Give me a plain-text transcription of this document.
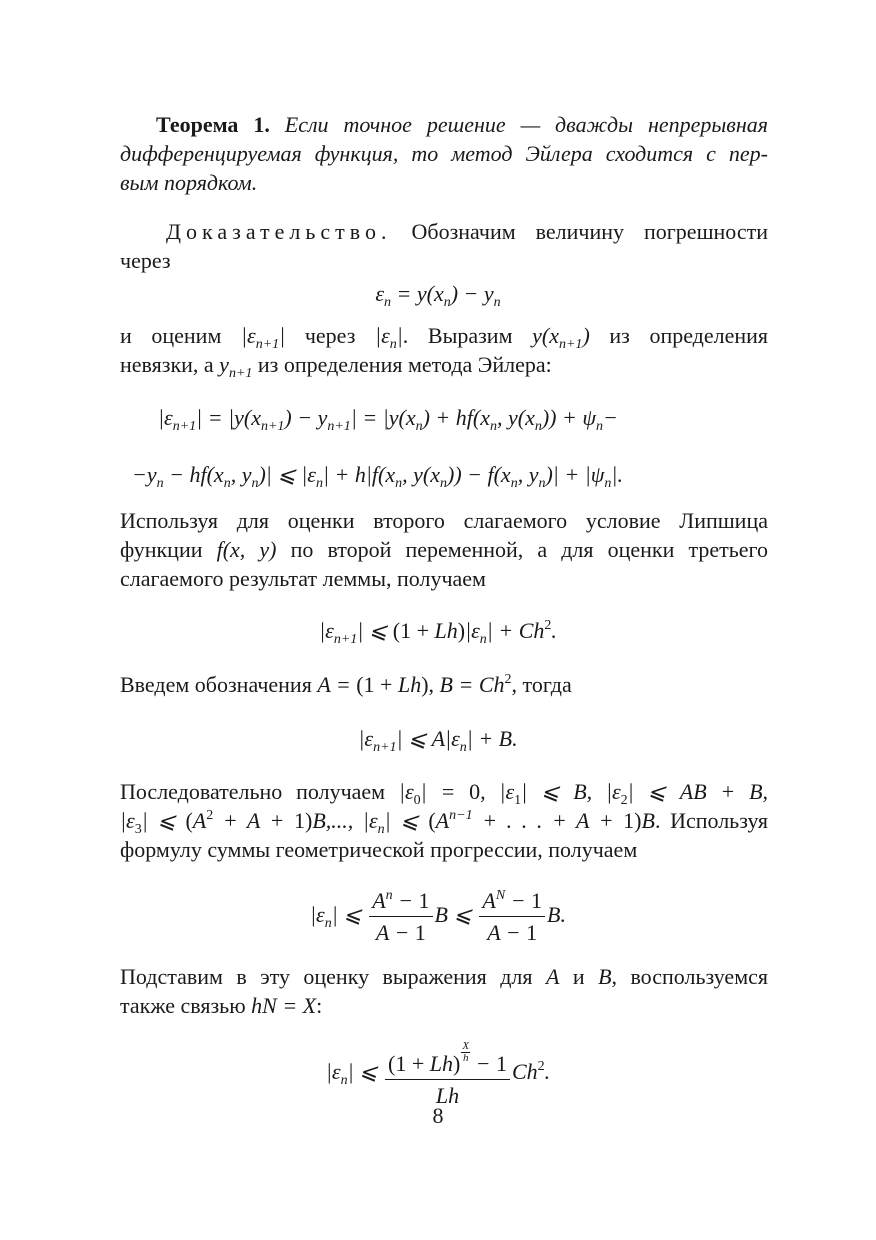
Теорема 1. Если точное решение — дважды непрерывная
дифференцируемая функция, то метод Эйлера сходится с пер-
вым порядком.
Доказательство. Обозначим величину погрешности
через
$\varepsilon_n = y(x_n) - y_n$
и оценим $|\varepsilon_{n+1}|$ через $|\varepsilon_n|$. Выразим $y(x_{n+1})$ из определения
невязки, а $y_{n+1}$ из определения метода Эйлера:
$|\varepsilon_{n+1}| = |y(x_{n+1}) - y_{n+1}| = |y(x_n) + hf(x_n$, $y(x_n)) + \psi_n-$
$-y_n - hf(x_n$, $y_n)|$ ⩽ $|\varepsilon_n| + h|f(x_n$, $y(x_n)) - f(x_n$, $y_n)| + |\psi_n|$.
Используя для оценки второго слагаемого условие Липшица
функции f(x, y) по второй переменной, а для оценки третьего
слагаемого результат леммы, получаем
$|\varepsilon_{n+1}|$ ⩽ $(1 + Lh)|\varepsilon_n| + Ch^2$.
Введем обозначения A = (1 + Lh), $B = Ch^2$, тогда
$|\varepsilon_{n+1}|$ ⩽ $A|\varepsilon_n| + B$.
Последовательно получаем $|\varepsilon_0| = 0$, $|\varepsilon_1|$ ⩽ B, $|\varepsilon_2|$ ⩽ AB + B,
$|\varepsilon_3|$ ⩽ $(A^2 + A + 1)B$,..., $|\varepsilon_n|$ ⩽ ($A^{n-1}$ + . . . + A + 1)B. Используя
формулу суммы геометрической прогрессии, получаем
$|\varepsilon_n|$ ⩽ $\frac{A^n - 1}{A - 1}$ B ⩽ $\frac{A^N - 1}{A - 1} B$.
Подставим в эту оценку выражения для A и B, воспользуемся
также связью hN = X:
$|\varepsilon_n|$ ⩽ $\frac{(1 + Lh) \frac{X}{h} - 1}{Lh} Ch^2$.
8
